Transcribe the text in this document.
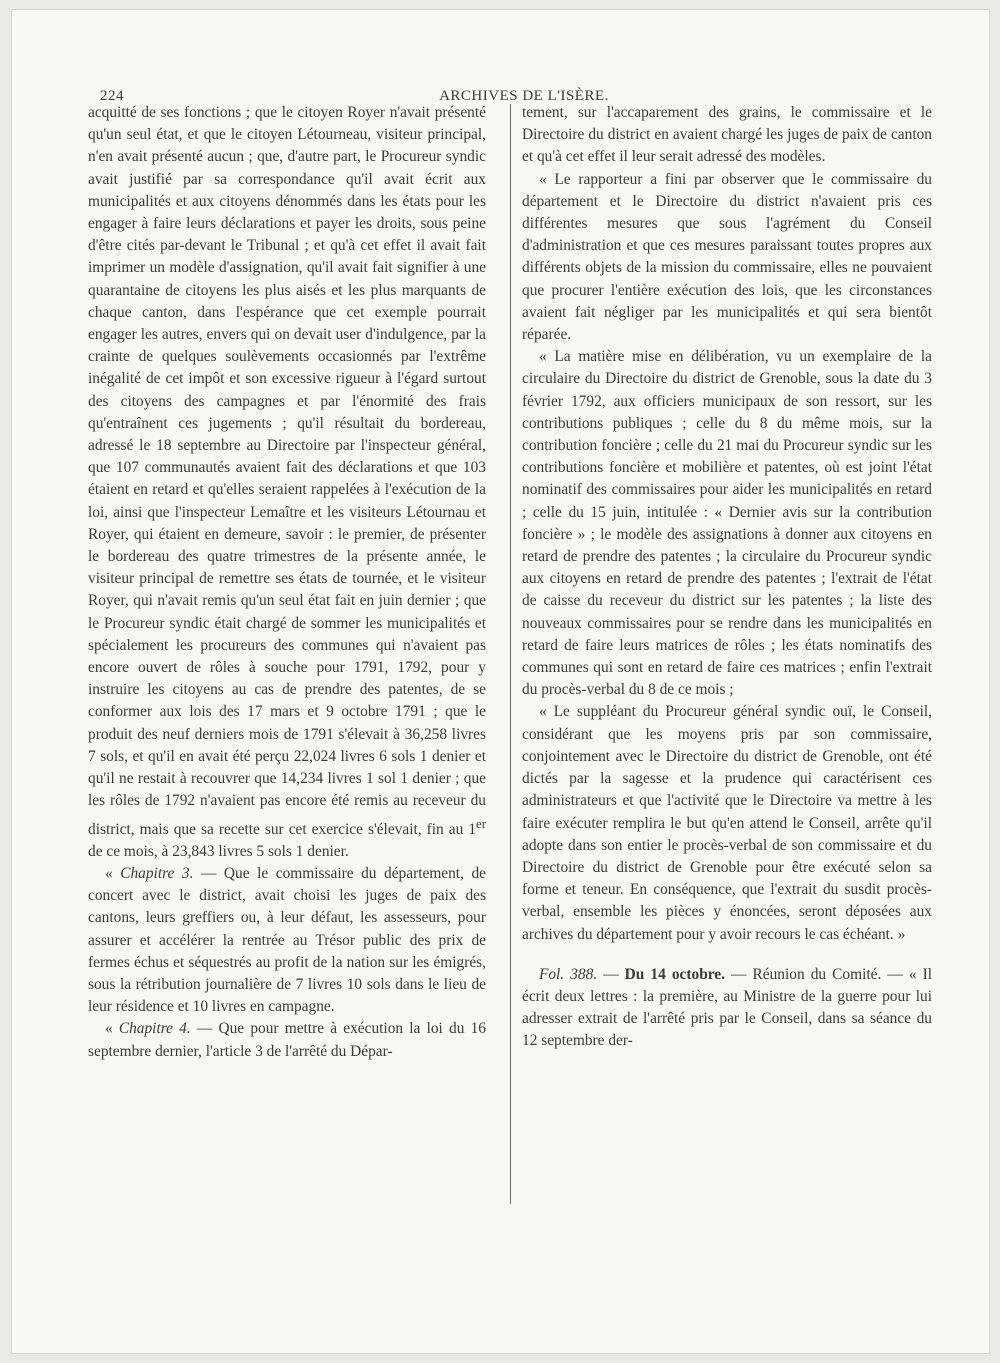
224	ARCHIVES DE L'ISÈRE.

acquitté de ses fonctions ; que le citoyen Royer n'avait présenté qu'un seul état, et que le citoyen Létourneau, visiteur principal, n'en avait présenté aucun ; que, d'autre part, le Procureur syndic avait justifié par sa correspondance qu'il avait écrit aux municipalités et aux citoyens dénommés dans les états pour les engager à faire leurs déclarations et payer les droits, sous peine d'être cités par-devant le Tribunal ; et qu'à cet effet il avait fait imprimer un modèle d'assignation, qu'il avait fait signifier à une quarantaine de citoyens les plus aisés et les plus marquants de chaque canton, dans l'espérance que cet exemple pourrait engager les autres, envers qui on devait user d'indulgence, par la crainte de quelques soulèvements occasionnés par l'extrême inégalité de cet impôt et son excessive rigueur à l'égard surtout des citoyens des campagnes et par l'énormité des frais qu'entraînent ces jugements ; qu'il résultait du bordereau, adressé le 18 septembre au Directoire par l'inspecteur général, que 107 communautés avaient fait des déclarations et que 103 étaient en retard et qu'elles seraient rappelées à l'exécution de la loi, ainsi que l'inspecteur Lemaître et les visiteurs Létournau et Royer, qui étaient en demeure, savoir : le premier, de présenter le bordereau des quatre trimestres de la présente année, le visiteur principal de remettre ses états de tournée, et le visiteur Royer, qui n'avait remis qu'un seul état fait en juin dernier ; que le Procureur syndic était chargé de sommer les municipalités et spécialement les procureurs des communes qui n'avaient pas encore ouvert de rôles à souche pour 1791, 1792, pour y instruire les citoyens au cas de prendre des patentes, de se conformer aux lois des 17 mars et 9 octobre 1791 ; que le produit des neuf derniers mois de 1791 s'élevait à 36,258 livres 7 sols, et qu'il en avait été perçu 22,024 livres 6 sols 1 denier et qu'il ne restait à recouvrer que 14,234 livres 1 sol 1 denier ; que les rôles de 1792 n'avaient pas encore été remis au receveur du district, mais que sa recette sur cet exercice s'élevait, fin au 1er de ce mois, à 23,843 livres 5 sols 1 denier.

« Chapitre 3. — Que le commissaire du département, de concert avec le district, avait choisi les juges de paix des cantons, leurs greffiers ou, à leur défaut, les assesseurs, pour assurer et accélérer la rentrée au Trésor public des prix de fermes échus et séquestrés au profit de la nation sur les émigrés, sous la rétribution journalière de 7 livres 10 sols dans le lieu de leur résidence et 10 livres en campagne.

« Chapitre 4. — Que pour mettre à exécution la loi du 16 septembre dernier, l'article 3 de l'arrêté du Dépar-

tement, sur l'accaparement des grains, le commissaire et le Directoire du district en avaient chargé les juges de paix de canton et qu'à cet effet il leur serait adressé des modèles.

« Le rapporteur a fini par observer que le commissaire du département et le Directoire du district n'avaient pris ces différentes mesures que sous l'agrément du Conseil d'administration et que ces mesures paraissant toutes propres aux différents objets de la mission du commissaire, elles ne pouvaient que procurer l'entière exécution des lois, que les circonstances avaient fait négliger par les municipalités et qui sera bientôt réparée.

« La matière mise en délibération, vu un exemplaire de la circulaire du Directoire du district de Grenoble, sous la date du 3 février 1792, aux officiers municipaux de son ressort, sur les contributions publiques ; celle du 8 du même mois, sur la contribution foncière ; celle du 21 mai du Procureur syndic sur les contributions foncière et mobilière et patentes, où est joint l'état nominatif des commissaires pour aider les municipalités en retard ; celle du 15 juin, intitulée : « Dernier avis sur la contribution foncière » ; le modèle des assignations à donner aux citoyens en retard de prendre des patentes ; la circulaire du Procureur syndic aux citoyens en retard de prendre des patentes ; l'extrait de l'état de caisse du receveur du district sur les patentes ; la liste des nouveaux commissaires pour se rendre dans les municipalités en retard de faire leurs matrices de rôles ; les états nominatifs des communes qui sont en retard de faire ces matrices ; enfin l'extrait du procès-verbal du 8 de ce mois ;

« Le suppléant du Procureur général syndic ouï, le Conseil, considérant que les moyens pris par son commissaire, conjointement avec le Directoire du district de Grenoble, ont été dictés par la sagesse et la prudence qui caractérisent ces administrateurs et que l'activité que le Directoire va mettre à les faire exécuter remplira le but qu'en attend le Conseil, arrête qu'il adopte dans son entier le procès-verbal de son commissaire et du Directoire du district de Grenoble pour être exécuté selon sa forme et teneur. En conséquence, que l'extrait du susdit procès-verbal, ensemble les pièces y énoncées, seront déposées aux archives du département pour y avoir recours le cas échéant. »

Fol. 388. — Du 14 octobre. — Réunion du Comité. — « Il écrit deux lettres : la première, au Ministre de la guerre pour lui adresser extrait de l'arrêté pris par le Conseil, dans sa séance du 12 septembre der-
